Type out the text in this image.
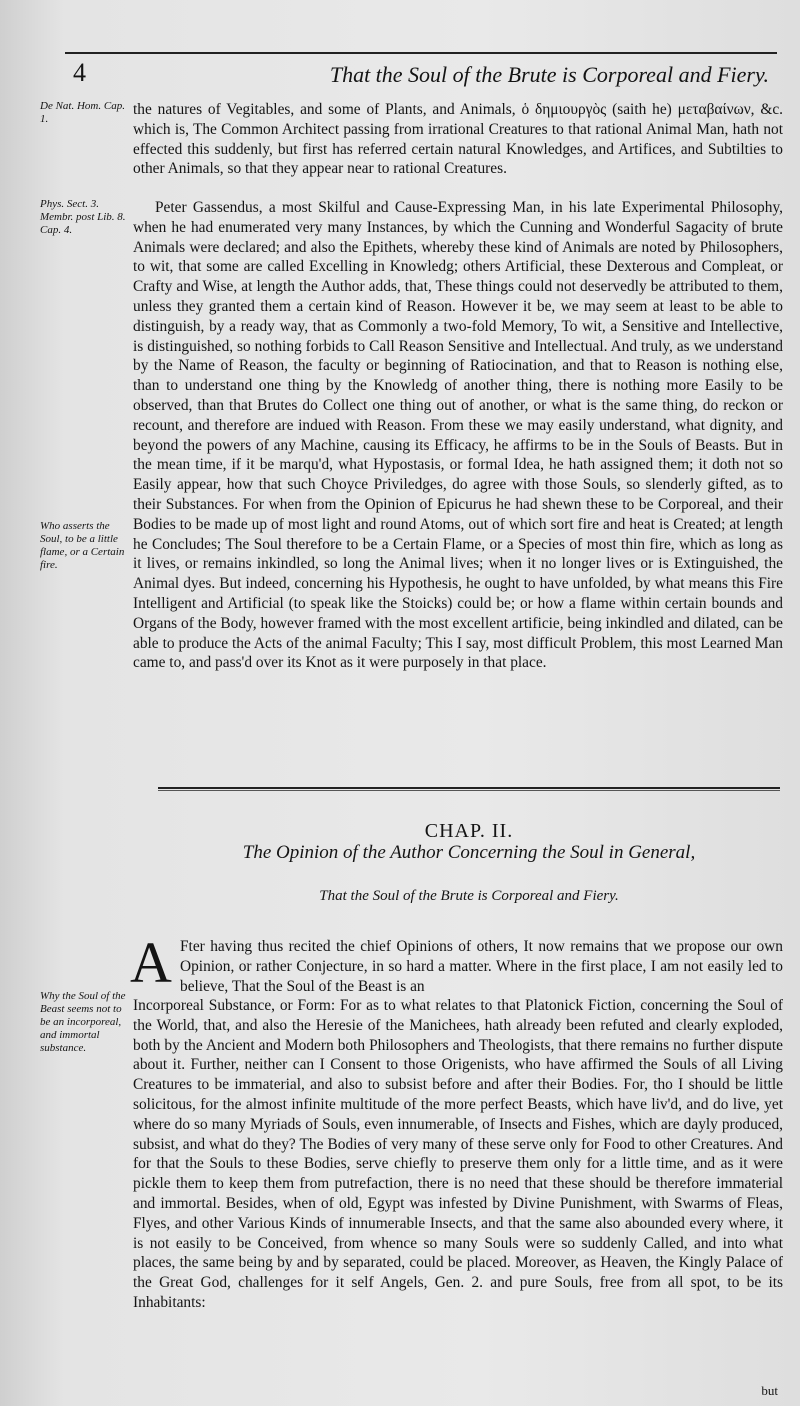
4	That the Soul of the Brute is Corporeal and Fiery.
De Nat. Hom. Cap. 1.
Phys. Sect. 3. Membr. post Lib. 8. Cap. 4.
Who asserts the Soul, to be a little flame, or a Certain fire.
Why the Soul of the Beast seems not to be an incorporeal, and immortal substance.
the natures of Vegitables, and some of Plants, and Animals, ὁ δημιουργὸς (saith he) μεταβαίνων, &c. which is, The Common Architect passing from irrational Creatures to that rational Animal Man, hath not effected this suddenly, but first has referred certain natural Knowledges, and Artifices, and Subtilties to other Animals, so that they appear near to rational Creatures.
Peter Gassendus, a most Skilful and Cause-Expressing Man, in his late Experimental Philosophy, when he had enumerated very many Instances, by which the Cunning and Wonderful Sagacity of brute Animals were declared; and also the Epithets, whereby these kind of Animals are noted by Philosophers, to wit, that some are called Excelling in Knowledg; others Artificial, these Dexterous and Compleat, or Crafty and Wise, at length the Author adds, that, These things could not deservedly be attributed to them, unless they granted them a certain kind of Reason. However it be, we may seem at least to be able to distinguish, by a ready way, that as Commonly a two-fold Memory, To wit, a Sensitive and Intellective, is distinguished, so nothing forbids to Call Reason Sensitive and Intellectual. And truly, as we understand by the Name of Reason, the faculty or beginning of Ratiocination, and that to Reason is nothing else, than to understand one thing by the Knowledg of another thing, there is nothing more Easily to be observed, than that Brutes do Collect one thing out of another, or what is the same thing, do reckon or recount, and therefore are indued with Reason. From these we may easily understand, what dignity, and beyond the powers of any Machine, causing its Efficacy, he affirms to be in the Souls of Beasts. But in the mean time, if it be marqu'd, what Hypostasis, or formal Idea, he hath assigned them; it doth not so Easily appear, how that such Choyce Priviledges, do agree with those Souls, so slenderly gifted, as to their Substances. For when from the Opinion of Epicurus he had shewn these to be Corporeal, and their Bodies to be made up of most light and round Atoms, out of which sort fire and heat is Created; at length he Concludes; The Soul therefore to be a Certain Flame, or a Species of most thin fire, which as long as it lives, or remains inkindled, so long the Animal lives; when it no longer lives or is Extinguished, the Animal dyes. But indeed, concerning his Hypothesis, he ought to have unfolded, by what means this Fire Intelligent and Artificial (to speak like the Stoicks) could be; or how a flame within certain bounds and Organs of the Body, however framed with the most excellent artificie, being inkindled and dilated, can be able to produce the Acts of the animal Faculty; This I say, most difficult Problem, this most Learned Man came to, and pass'd over its Knot as it were purposely in that place.
CHAP. II.
The Opinion of the Author Concerning the Soul in General,
That the Soul of the Brute is Corporeal and Fiery.
A Fter having thus recited the chief Opinions of others, It now remains that we propose our own Opinion, or rather Conjecture, in so hard a matter. Where in the first place, I am not easily led to believe, That the Soul of the Beast is an
Incorporeal Substance, or Form: For as to what relates to that Platonick Fiction, concerning the Soul of the World, that, and also the Heresie of the Manichees, hath already been refuted and clearly exploded, both by the Ancient and Modern both Philosophers and Theologists, that there remains no further dispute about it. Further, neither can I Consent to those Origenists, who have affirmed the Souls of all Living Creatures to be immaterial, and also to subsist before and after their Bodies. For, tho I should be little solicitous, for the almost infinite multitude of the more perfect Beasts, which have liv'd, and do live, yet where do so many Myriads of Souls, even innumerable, of Insects and Fishes, which are dayly produced, subsist, and what do they? The Bodies of very many of these serve only for Food to other Creatures. And for that the Souls to these Bodies, serve chiefly to preserve them only for a little time, and as it were pickle them to keep them from putrefaction, there is no need that these should be therefore immaterial and immortal. Besides, when of old, Egypt was infested by Divine Punishment, with Swarms of Fleas, Flyes, and other Various Kinds of innumerable Insects, and that the same also abounded every where, it is not easily to be Conceived, from whence so many Souls were so suddenly Called, and into what places, the same being by and by separated, could be placed. Moreover, as Heaven, the Kingly Palace of the Great God, challenges for it self Angels, Gen. 2. and pure Souls, free from all spot, to be its Inhabitants:
but
